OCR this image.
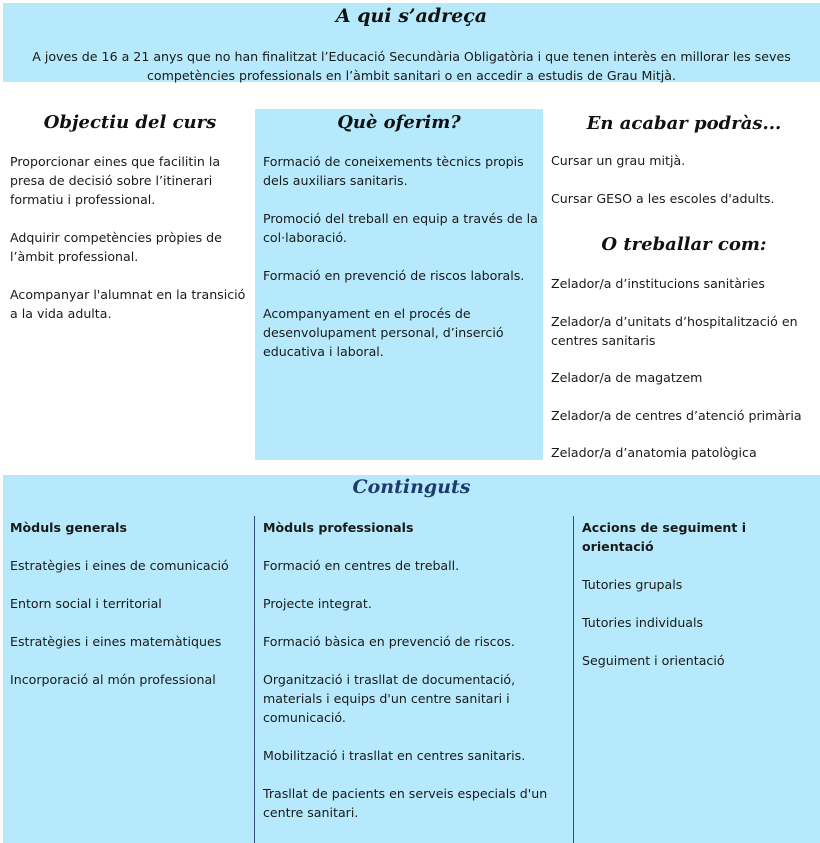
A qui s’adreça
A joves de 16 a 21 anys que no han finalitzat l’Educació Secundària Obligatòria i que tenen interès en millorar les seves competències professionals en l’àmbit sanitari o en accedir a estudis de Grau Mitjà.
Objectiu del curs

Proporcionar eines que facilitin la presa de decisió sobre l’itinerari formatiu i professional.

Adquirir competències pròpies de l’àmbit professional.

Acompanyar l'alumnat en la transició a la vida adulta.

Què oferim?

Formació de coneixements tècnics propis dels auxiliars sanitaris.

Promoció del treball en equip a través de la col·laboració.

Formació en prevenció de riscos laborals.

Acompanyament en el procés de desenvolupament personal, d’inserció educativa i laboral.

En acabar podràs...

Cursar un grau mitjà.

Cursar GESO a les escoles d'adults.

O treballar com:

Zelador/a d’institucions sanitàries

Zelador/a d’unitats d’hospitalització en centres sanitaris

Zelador/a de magatzem

Zelador/a de centres d’atenció primària

Zelador/a d’anatomia patològica

Continguts

Mòduls generals

Estratègies i eines de comunicació

Entorn social i territorial

Estratègies i eines matemàtiques

Incorporació al món professional

Mòduls professionals

Formació en centres de treball.

Projecte integrat.

Formació bàsica en prevenció de riscos.

Organització i trasllat de documentació, materials i equips d'un centre sanitari i comunicació.

Mobilització i trasllat en centres sanitaris.

Trasllat de pacients en serveis especials d'un centre sanitari.

Accions de seguiment i orientació

Tutories grupals

Tutories individuals

Seguiment i orientació
